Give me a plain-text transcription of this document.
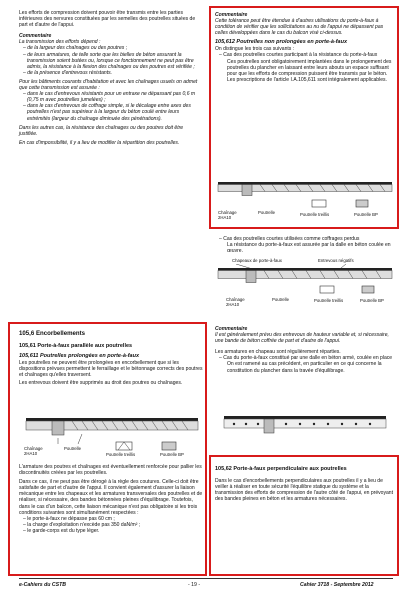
Les efforts de compression doivent pouvoir être transmis entre les parties inférieures des nervures constituées par les semelles des poutrelles situées de part et d'autre de l'appui.

Commentaire

La transmission des efforts dépend :

– de la largeur des chaînages ou des poutres ;

– de leurs armatures, de telle sorte que les bielles de béton assurant la transmission soient butées ou, lorsque ce fonctionnement ne peut pas être admis, la résistance à la flexion des chaînages ou des poutres est vérifiée ;

– de la présence d'entrevous résistants.

Pour les bâtiments courants d'habitation et avec les chaînages usuels on admet que cette transmission est assurée :

– dans le cas d'entrevous résistants pour un entraxe ne dépassant pas 0,6 m (0,75 m avec poutrelles jumelées) ;

– dans le cas d'entrevous de coffrage simple, si le décalage entre axes des poutrelles n'est pas supérieur à la largeur du béton coulé entre leurs extrémités (largeur du chaînage diminuée des pénétrations).

Dans les autres cas, la résistance des chaînages ou des poutres doit être justifiée.

En cas d'impossibilité, il y a lieu de modifier la répartition des poutrelles.

105,6 Encorbellements

105,61 Porte-à-faux parallèle aux poutrelles

105,611 Poutrelles prolongées en porte-à-faux

Les poutrelles ne peuvent être prolongées en encorbellement que si les dispositions prévues permettent le ferraillage et le bétonnage corrects des poutres et chaînages qu'elles traversent.

Les entrevous doivent être supprimés au droit des poutres ou chaînages.

Chaînage
2HA10
Poutrelle
Poutrelle treillis	Poutrelle BP

L'armature des poutres et chaînages est éventuellement renforcée pour pallier les discontinuités créées par les poutrelles.

Dans ce cas, il ne peut pas être dérogé à la règle des coutures. Celle-ci doit être satisfaite de part et d'autre de l'appui. Il convient également d'assurer la liaison mécanique entre les chapeaux et les armatures transversales des poutrelles et de réaliser, si nécessaire, des bandes bétonnées pleines d'équilibrage. Toutefois, dans le cas d'un balcon, cette liaison mécanique n'est pas obligatoire si les trois conditions suivantes sont simultanément respectées :

– le porte-à-faux ne dépasse pas 60 cm ;

– la charge d'exploitation n'excède pas 350 daN/m² ;

– le garde-corps est du type léger.

Commentaire

Cette tolérance peut être étendue à d'autres utilisations du porte-à-faux à condition de vérifier que les sollicitations au nu de l'appui ne dépassent pas celles développées dans le cas du balcon visé ci-dessus.

105,612 Poutrelles non prolongées en porte-à-faux

On distingue les trois cas suivants :

– Cas des poutrelles courtes participant à la résistance du porte-à-faux

Ces poutrelles sont obligatoirement implantées dans le prolongement des poutrelles du plancher en laissant entre leurs abouts un espace suffisant pour que les efforts de compression puissent être transmis par le béton.

Les prescriptions de l'article I.A.105,611 sont intégralement applicables.

Chaînage
2HA10
Poutrelle	Poutrelle treillis	Poutrelle BP

– Cas des poutrelles courtes utilisées comme coffrages perdus

La résistance du porte-à-faux est assurée par la dalle en béton coulée en œuvre.

Chapeaux de porte-à-faux	Entrevous négatifs
Chaînage
2HA10
Poutrelle	Poutrelle treillis	Poutrelle BP

Commentaire

Il est généralement prévu des entrevous de hauteur variable et, si nécessaire, une bande de béton coffrée de part et d'autre de l'appui.

Les armatures en chapeau sont régulièrement réparties.

– Cas du porte-à-faux constitué par une dalle en béton armé, coulée en place

On est ramené au cas précédent, en particulier en ce qui concerne la constitution du plancher dans la travée d'équilibrage.

105,62 Porte-à-faux perpendiculaire aux poutrelles

Dans le cas d'encorbellements perpendiculaires aux poutrelles il y a lieu de veiller à réaliser en toute sécurité l'équilibre statique du système et la transmission des efforts de compression de l'autre côté de l'appui, en prévoyant des bandes pleines en béton et les armatures nécessaires.

e-Cahiers du CSTB	- 19 -	Cahier 3718 - Septembre 2012
